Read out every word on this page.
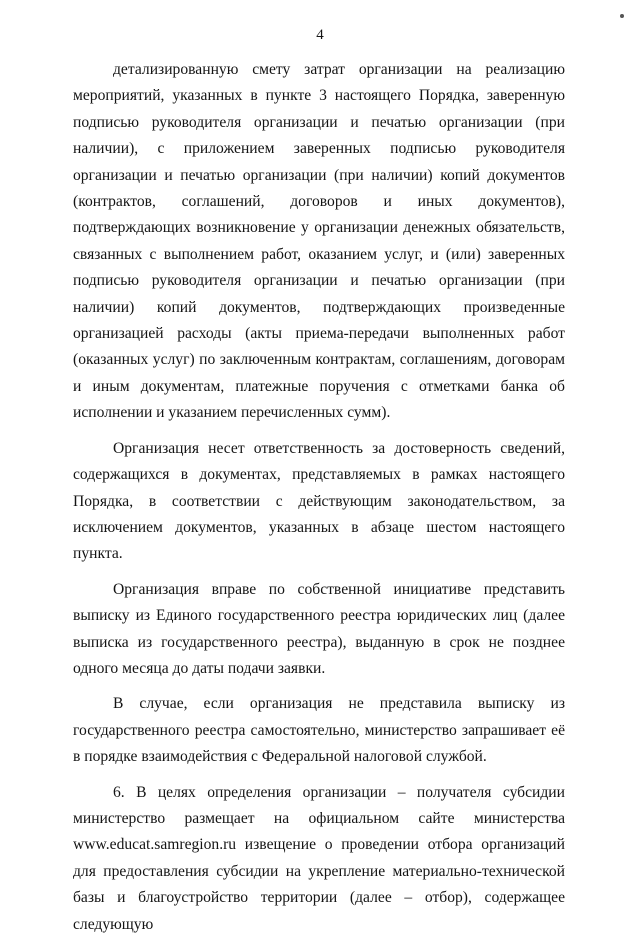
4

детализированную смету затрат организации на реализацию мероприятий, указанных в пункте 3 настоящего Порядка, заверенную подписью руководителя организации и печатью организации (при наличии), с приложением заверенных подписью руководителя организации и печатью организации (при наличии) копий документов (контрактов, соглашений, договоров и иных документов), подтверждающих возникновение у организации денежных обязательств, связанных с выполнением работ, оказанием услуг, и (или) заверенных подписью руководителя организации и печатью организации (при наличии) копий документов, подтверждающих произведенные организацией расходы (акты приема-передачи выполненных работ (оказанных услуг) по заключенным контрактам, соглашениям, договорам и иным документам, платежные поручения с отметками банка об исполнении и указанием перечисленных сумм).

Организация несет ответственность за достоверность сведений, содержащихся в документах, представляемых в рамках настоящего Порядка, в соответствии с действующим законодательством, за исключением документов, указанных в абзаце шестом настоящего пункта.

Организация вправе по собственной инициативе представить выписку из Единого государственного реестра юридических лиц (далее выписка из государственного реестра), выданную в срок не позднее одного месяца до даты подачи заявки.

В случае, если организация не представила выписку из государственного реестра самостоятельно, министерство запрашивает её в порядке взаимодействия с Федеральной налоговой службой.

6. В целях определения организации – получателя субсидии министерство размещает на официальном сайте министерства www.educat.samregion.ru извещение о проведении отбора организаций для предоставления субсидии на укрепление материально-технической базы и благоустройство территории (далее – отбор), содержащее следующую
